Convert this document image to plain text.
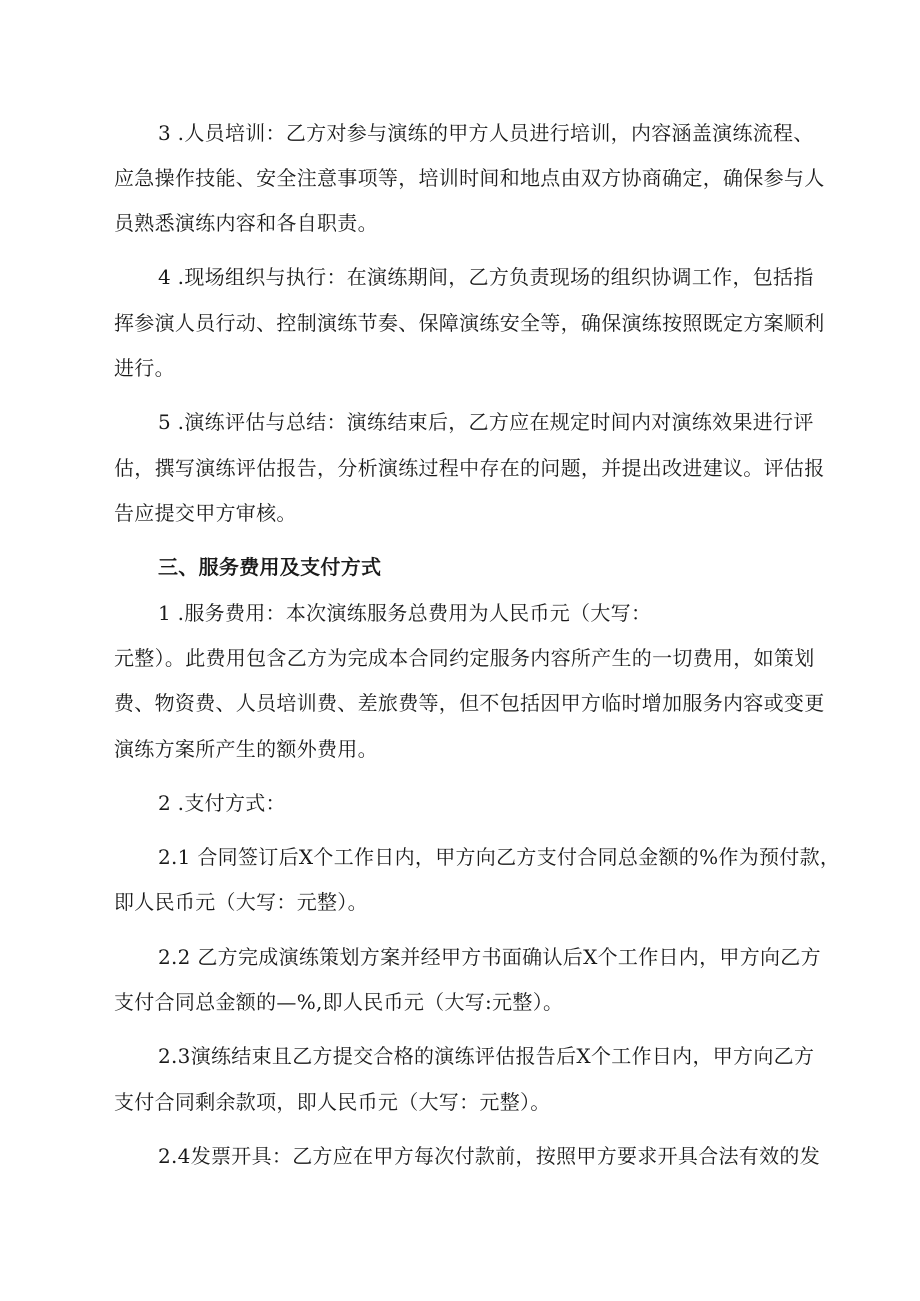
3 .人员培训：乙方对参与演练的甲方人员进行培训，内容涵盖演练流程、
应急操作技能、安全注意事项等，培训时间和地点由双方协商确定，确保参与人
员熟悉演练内容和各自职责。
4 .现场组织与执行：在演练期间，乙方负责现场的组织协调工作，包括指
挥参演人员行动、控制演练节奏、保障演练安全等，确保演练按照既定方案顺利
进行。
5 .演练评估与总结：演练结束后，乙方应在规定时间内对演练效果进行评
估，撰写演练评估报告，分析演练过程中存在的问题，并提出改进建议。评估报
告应提交甲方审核。
三、服务费用及支付方式
1 .服务费用：本次演练服务总费用为人民币元（大写：
元整）。此费用包含乙方为完成本合同约定服务内容所产生的一切费用，如策划
费、物资费、人员培训费、差旅费等，但不包括因甲方临时增加服务内容或变更
演练方案所产生的额外费用。
2 .支付方式：
2.1 合同签订后X个工作日内，甲方向乙方支付合同总金额的%作为预付款，
即人民币元（大写：元整）。
2.2 乙方完成演练策划方案并经甲方书面确认后X个工作日内，甲方向乙方
支付合同总金额的—%,即人民币元（大写:元整）。
2.3演练结束且乙方提交合格的演练评估报告后X个工作日内，甲方向乙方
支付合同剩余款项，即人民币元（大写：元整）。
2.4发票开具：乙方应在甲方每次付款前，按照甲方要求开具合法有效的发
